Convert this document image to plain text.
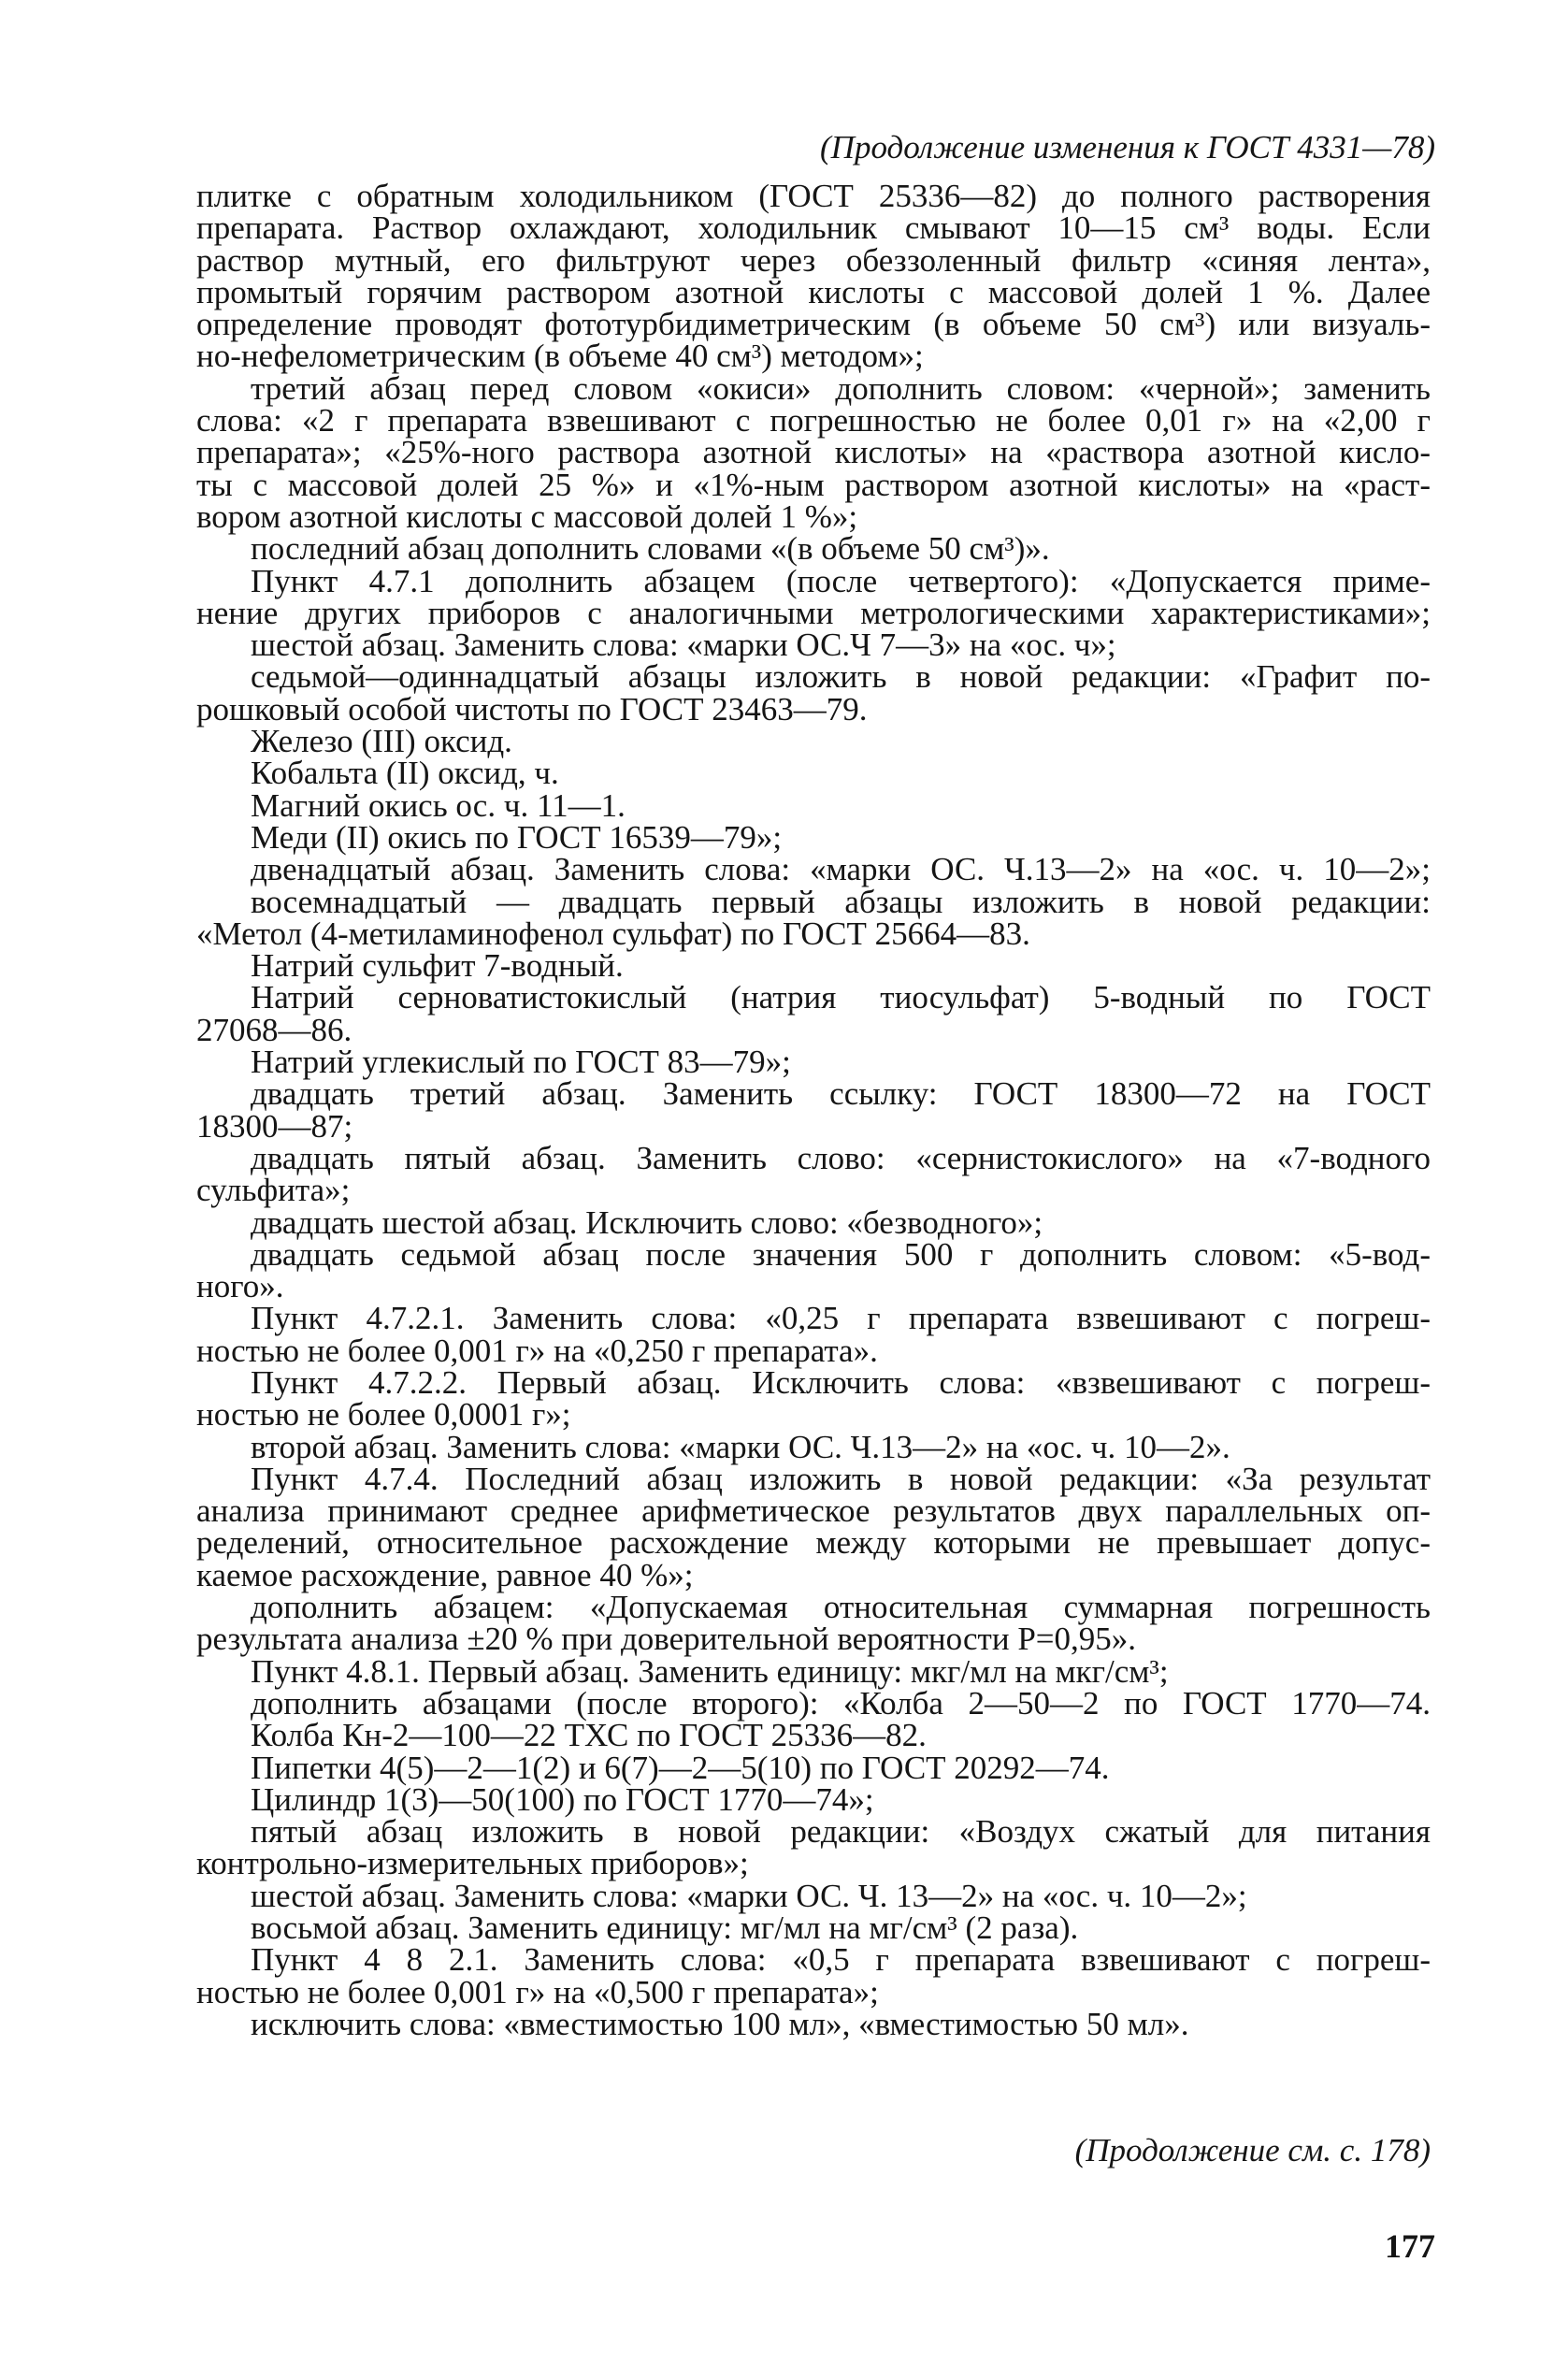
(Продолжение изменения к ГОСТ 4331—78)
плитке с обратным холодильником (ГОСТ 25336—82) до полного растворения
препарата. Раствор охлаждают, холодильник смывают 10—15 см³ воды. Если
раствор мутный, его фильтруют через обеззоленный фильтр «синяя лента»,
промытый горячим раствором азотной кислоты с массовой долей 1 %. Далее
определение проводят фототурбидиметрическим (в объеме 50 см³) или визуаль-
но-нефелометрическим (в объеме 40 см³) методом»;
третий абзац перед словом «окиси» дополнить словом: «черной»; заменить
слова: «2 г препарата взвешивают с погрешностью не более 0,01 г» на «2,00 г
препарата»; «25%-ного раствора азотной кислоты» на «раствора азотной кисло-
ты с массовой долей 25 %» и «1%-ным раствором азотной кислоты» на «раст-
вором азотной кислоты с массовой долей 1 %»;
последний абзац дополнить словами «(в объеме 50 см³)».
Пункт 4.7.1 дополнить абзацем (после четвертого): «Допускается приме-
нение других приборов с аналогичными метрологическими характеристиками»;
шестой абзац. Заменить слова: «марки ОС.Ч 7—3» на «ос. ч»;
седьмой—одиннадцатый абзацы изложить в новой редакции: «Графит по-
рошковый особой чистоты по ГОСТ 23463—79.
Железо (III) оксид.
Кобальта (II) оксид, ч.
Магний окись ос. ч. 11—1.
Меди (II) окись по ГОСТ 16539—79»;
двенадцатый абзац. Заменить слова: «марки ОС. Ч.13—2» на «ос. ч. 10—2»;
восемнадцатый — двадцать первый абзацы изложить в новой редакции:
«Метол (4-метиламинофенол сульфат) по ГОСТ 25664—83.
Натрий сульфит 7-водный.
Натрий серноватистокислый (натрия тиосульфат) 5-водный по ГОСТ
27068—86.
Натрий углекислый по ГОСТ 83—79»;
двадцать третий абзац. Заменить ссылку: ГОСТ 18300—72 на ГОСТ
18300—87;
двадцать пятый абзац. Заменить слово: «сернистокислого» на «7-водного
сульфита»;
двадцать шестой абзац. Исключить слово: «безводного»;
двадцать седьмой абзац после значения 500 г дополнить словом: «5-вод-
ного».
Пункт 4.7.2.1. Заменить слова: «0,25 г препарата взвешивают с погреш-
ностью не более 0,001 г» на «0,250 г препарата».
Пункт 4.7.2.2. Первый абзац. Исключить слова: «взвешивают с погреш-
ностью не более 0,0001 г»;
второй абзац. Заменить слова: «марки ОС. Ч.13—2» на «ос. ч. 10—2».
Пункт 4.7.4. Последний абзац изложить в новой редакции: «За результат
анализа принимают среднее арифметическое результатов двух параллельных оп-
ределений, относительное расхождение между которыми не превышает допус-
каемое расхождение, равное 40 %»;
дополнить абзацем: «Допускаемая относительная суммарная погрешность
результата анализа ±20 % при доверительной вероятности P=0,95».
Пункт 4.8.1. Первый абзац. Заменить единицу: мкг/мл на мкг/см³;
дополнить абзацами (после второго): «Колба 2—50—2 по ГОСТ 1770—74.
Колба Кн-2—100—22 ТХС по ГОСТ 25336—82.
Пипетки 4(5)—2—1(2) и 6(7)—2—5(10) по ГОСТ 20292—74.
Цилиндр 1(3)—50(100) по ГОСТ 1770—74»;
пятый абзац изложить в новой редакции: «Воздух сжатый для питания
контрольно-измерительных приборов»;
шестой абзац. Заменить слова: «марки ОС. Ч. 13—2» на «ос. ч. 10—2»;
восьмой абзац. Заменить единицу: мг/мл на мг/см³ (2 раза).
Пункт 4 8 2.1. Заменить слова: «0,5 г препарата взвешивают с погреш-
ностью не более 0,001 г» на «0,500 г препарата»;
исключить слова: «вместимостью 100 мл», «вместимостью 50 мл».
(Продолжение см. с. 178)
177
